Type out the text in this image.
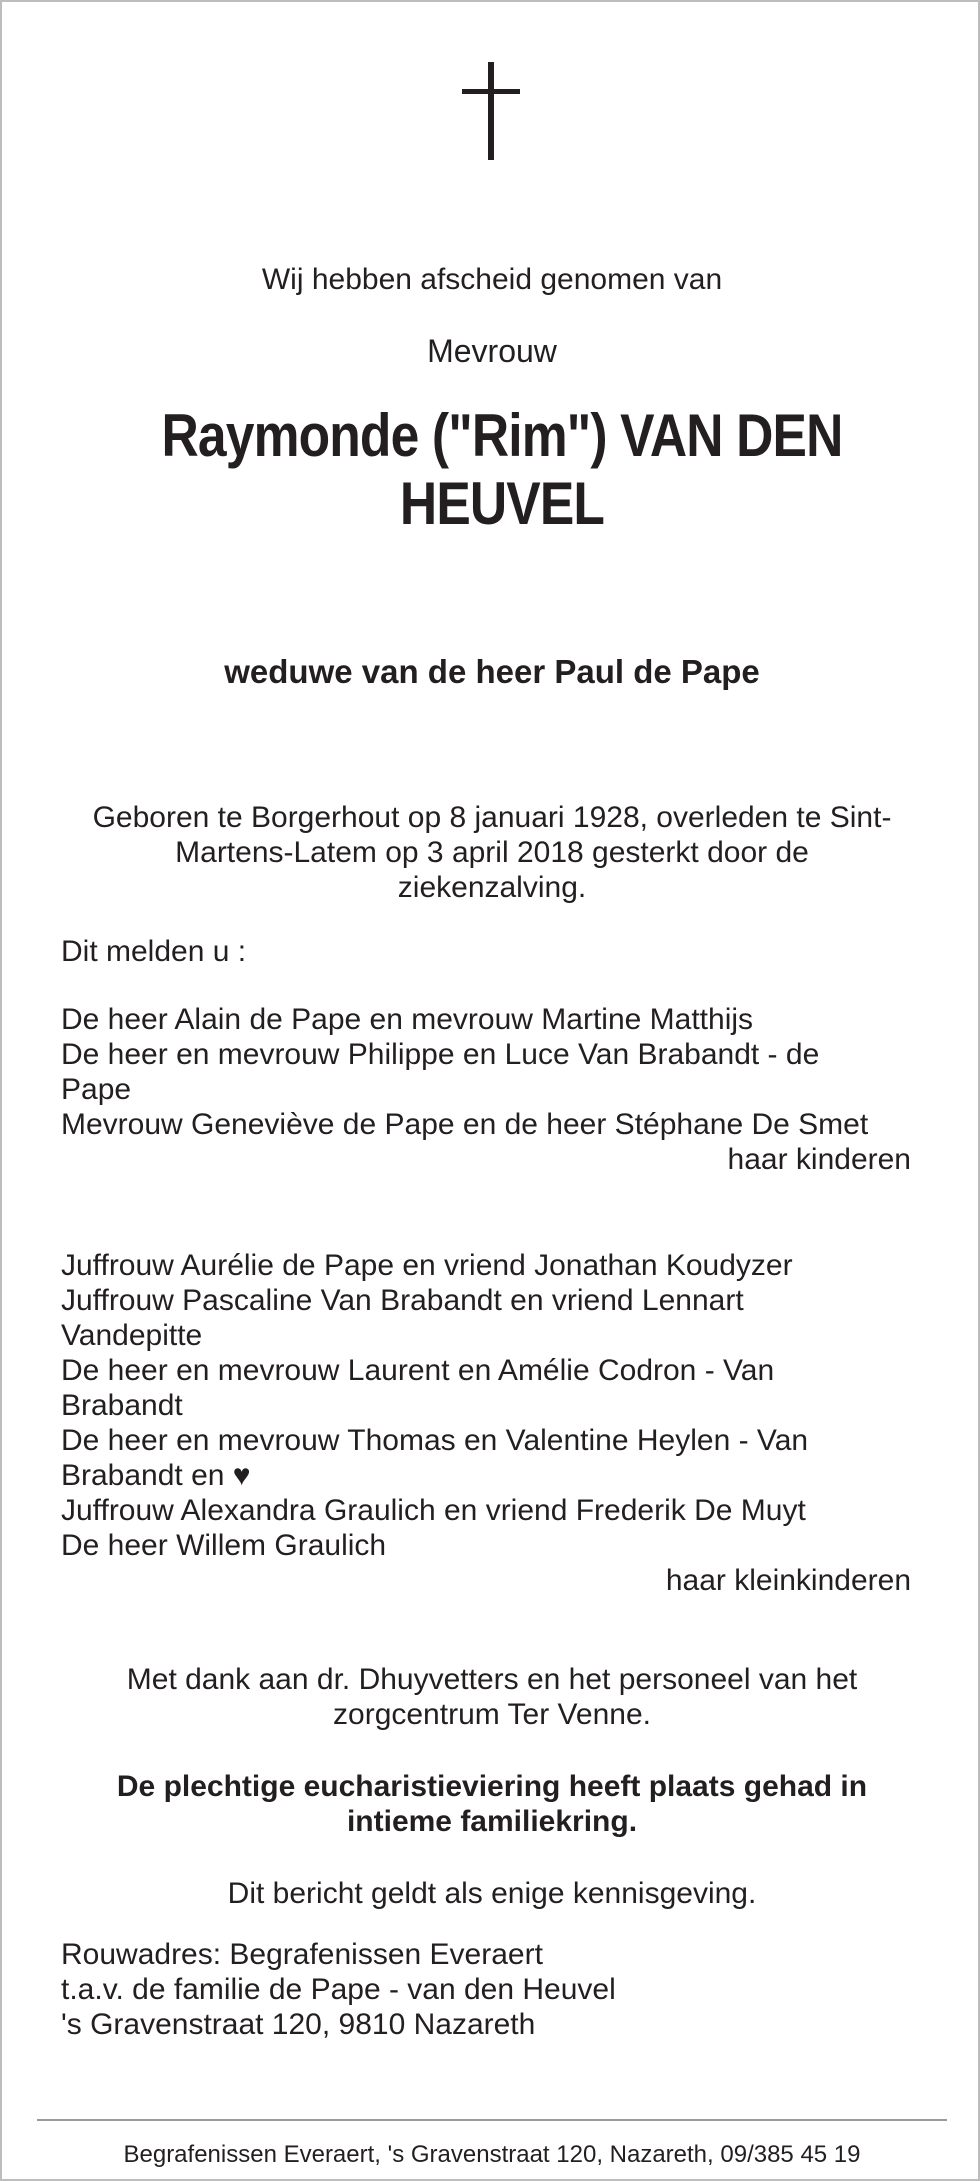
Wij hebben afscheid genomen van
Mevrouw
Raymonde ("Rim") VAN DEN
HEUVEL
weduwe van de heer Paul de Pape
Geboren te Borgerhout op 8 januari 1928, overleden te Sint-
Martens-Latem op 3 april 2018 gesterkt door de
ziekenzalving.
Dit melden u :
De heer Alain de Pape en mevrouw Martine Matthijs
De heer en mevrouw Philippe en Luce Van Brabandt - de
Pape
Mevrouw Geneviève de Pape en de heer Stéphane De Smet
haar kinderen
Juffrouw Aurélie de Pape en vriend Jonathan Koudyzer
Juffrouw Pascaline Van Brabandt en vriend Lennart
Vandepitte
De heer en mevrouw Laurent en Amélie Codron - Van
Brabandt
De heer en mevrouw Thomas en Valentine Heylen - Van
Brabandt en ♥
Juffrouw Alexandra Graulich en vriend Frederik De Muyt
De heer Willem Graulich
haar kleinkinderen
Met dank aan dr. Dhuyvetters en het personeel van het
zorgcentrum Ter Venne.
De plechtige eucharistieviering heeft plaats gehad in
intieme familiekring.
Dit bericht geldt als enige kennisgeving.
Rouwadres: Begrafenissen Everaert
t.a.v. de familie de Pape - van den Heuvel
's Gravenstraat 120, 9810 Nazareth
Begrafenissen Everaert, 's Gravenstraat 120, Nazareth, 09/385 45 19
